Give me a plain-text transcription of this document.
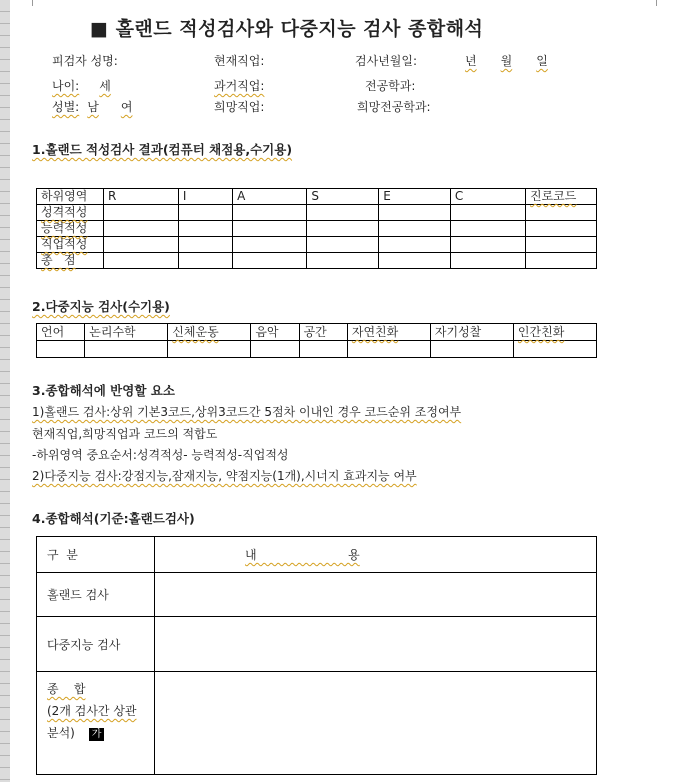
■ 홀랜드 적성검사와 다중지능 검사 종합해석
피검자 성명:	현재직업:	검사년월일:	년 월 일
나이: 세	과거직업:	전공학과:
성별: 남 여	희망직업:	희망전공학과:
1.홀랜드 적성검사 결과(컴퓨터 채점용,수기용)
하위영역	R	I	A	S	E	C	진로코드
성격적성							
능력적성							
직업적성							
총   점							
2.다중지능 검사(수기용)
언어	논리수학	신체운동	음악	공간	자연친화	자기성찰	인간친화

3.종합해석에 반영할 요소
1)홀랜드 검사:상위 기본3코드,상위3코드간 5점차 이내인 경우 코드순위 조정여부
현재직업,희망직업과 코드의 적합도
-하위영역 중요순서:성격적성- 능력적성-직업적성
2)다중지능 검사:강점지능,잠재지능, 약점지능(1개),시너지 효과지능 여부
4.종합해석(기준:홀랜드검사)
구  분	내                        용
홀랜드 검사	
다중지능 검사	
종    합
(2개 검사간 상관
분석) 가	
